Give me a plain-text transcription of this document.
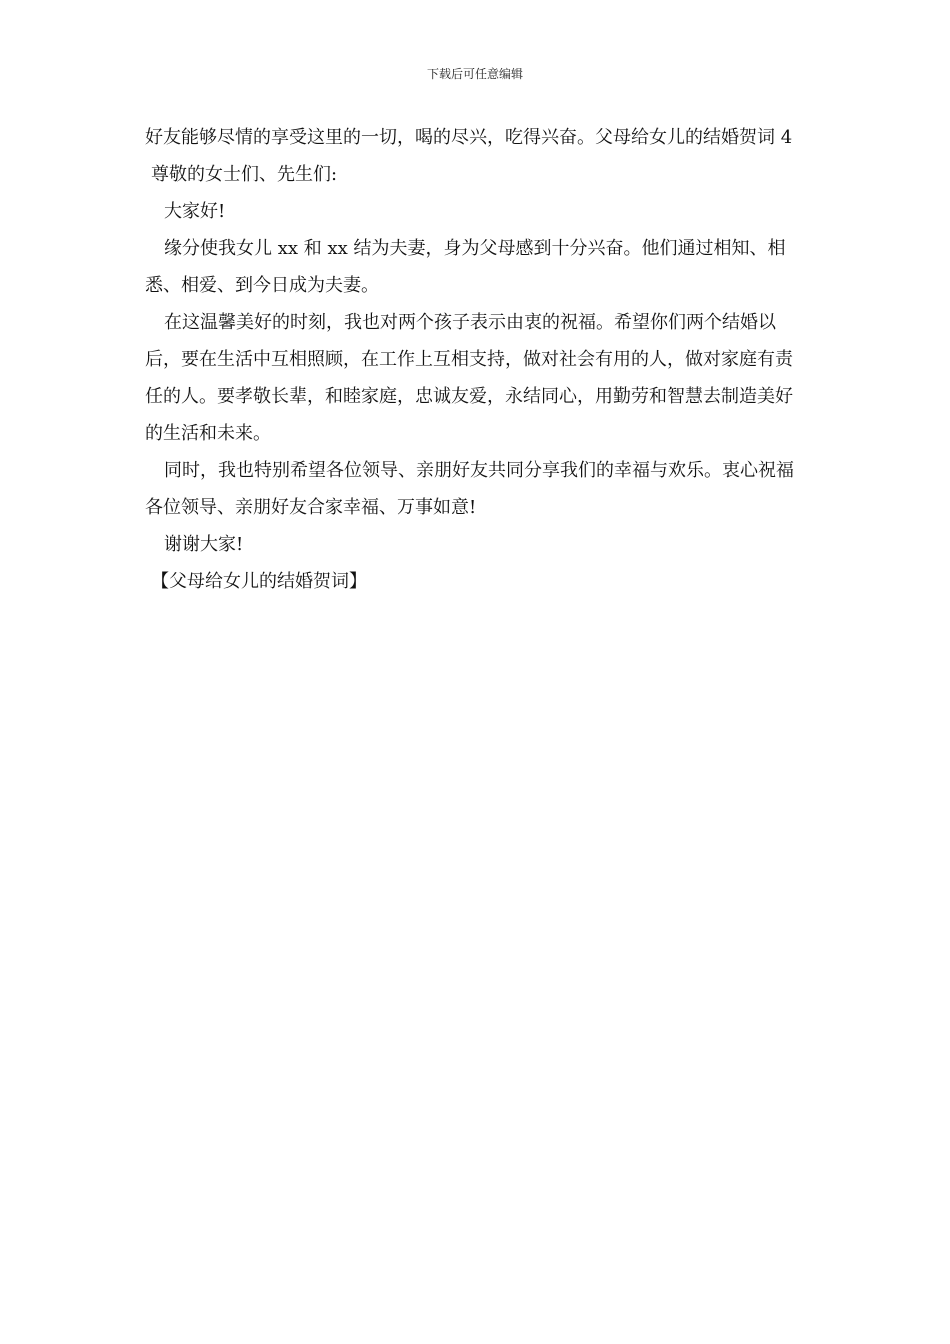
下载后可任意编辑

好友能够尽情的享受这里的一切，喝的尽兴，吃得兴奋。父母给女儿的结婚贺词 4

尊敬的女士们、先生们:

大家好!

缘分使我女儿 xx 和 xx 结为夫妻，身为父母感到十分兴奋。他们通过相知、相悉、相爱、到今日成为夫妻。

在这温馨美好的时刻，我也对两个孩子表示由衷的祝福。希望你们两个结婚以后，要在生活中互相照顾，在工作上互相支持，做对社会有用的人，做对家庭有责任的人。要孝敬长辈，和睦家庭，忠诚友爱，永结同心，用勤劳和智慧去制造美好的生活和未来。

同时，我也特别希望各位领导、亲朋好友共同分享我们的幸福与欢乐。衷心祝福各位领导、亲朋好友合家幸福、万事如意!

谢谢大家!

【父母给女儿的结婚贺词】
